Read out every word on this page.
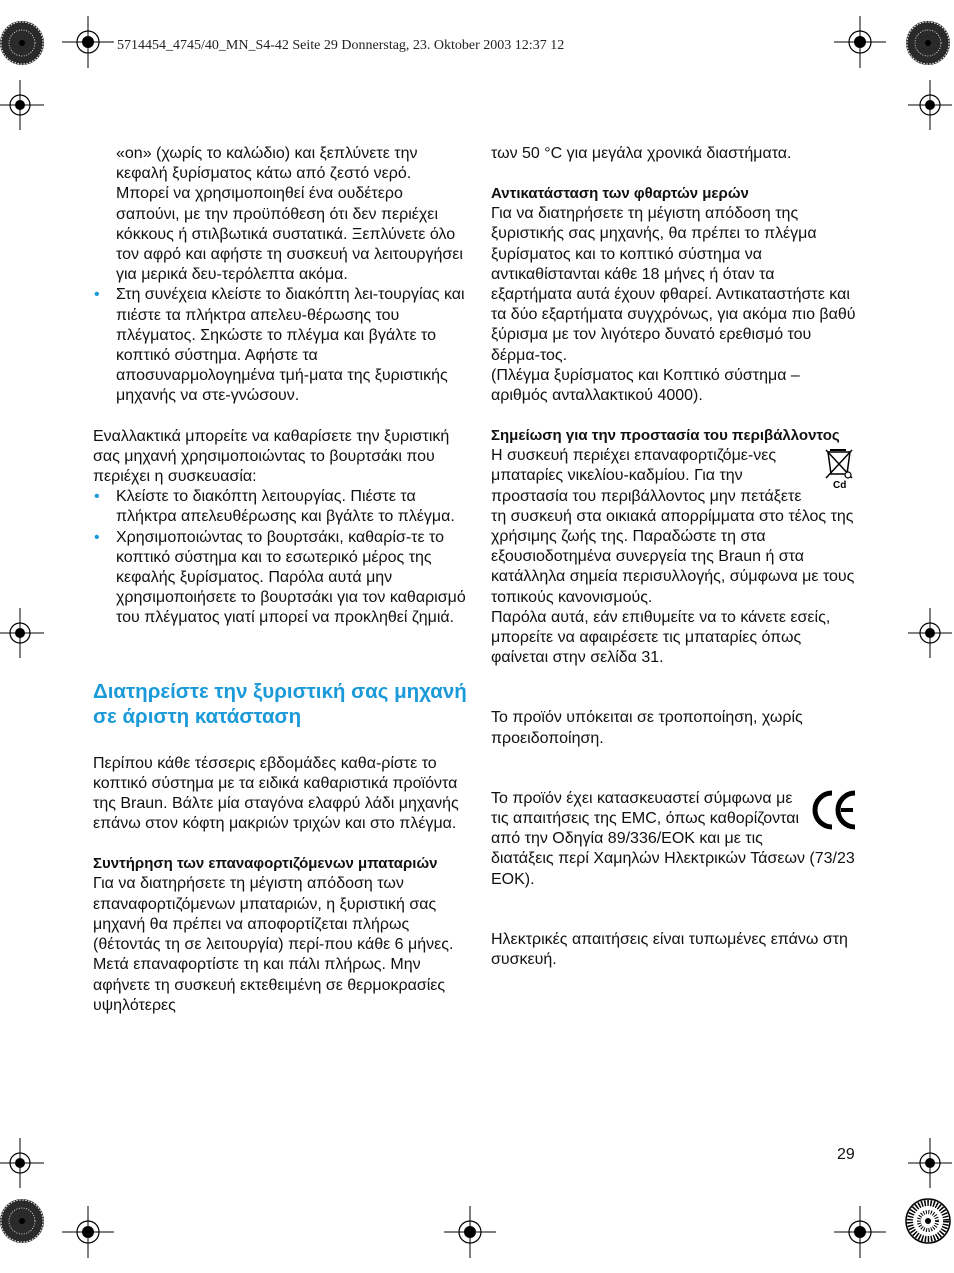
5714454_4745/40_MN_S4-42 Seite 29 Donnerstag, 23. Oktober 2003 12:37 12

«on» (χωρίς το καλώδιο) και ξεπλύνετε την κεφαλή ξυρίσματος κάτω από ζεστό νερό. Μπορεί να χρησιμοποιηθεί ένα ουδέτερο σαπούνι, με την προϋπόθεση ότι δεν περιέχει κόκκους ή στιλβωτικά συστατικά. Ξεπλύνετε όλο τον αφρό και αφήστε τη συσκευή να λειτουργήσει για μερικά δευ-τερόλεπτα ακόμα.

• Στη συνέχεια κλείστε το διακόπτη λει-τουργίας και πιέστε τα πλήκτρα απελευ-θέρωσης του πλέγματος. Σηκώστε το πλέγμα και βγάλτε το κοπτικό σύστημα. Αφήστε τα αποσυναρμολογημένα τμή-ματα της ξυριστικής μηχανής να στε-γνώσουν.

Εναλλακτικά μπορείτε να καθαρίσετε την ξυριστική σας μηχανή χρησιμοποιώντας το βουρτσάκι που περιέχει η συσκευασία:

• Κλείστε το διακόπτη λειτουργίας. Πιέστε τα πλήκτρα απελευθέρωσης και βγάλτε το πλέγμα.
• Χρησιμοποιώντας το βουρτσάκι, καθαρίσ-τε το κοπτικό σύστημα και το εσωτερικό μέρος της κεφαλής ξυρίσματος. Παρόλα αυτά μην χρησιμοποιήσετε το βουρτσάκι για τον καθαρισμό του πλέγματος γιατί μπορεί να προκληθεί ζημιά.
Διατηρείστε την ξυριστική σας μηχανή σε άριστη κατάσταση

Περίπου κάθε τέσσερις εβδομάδες καθα-ρίστε το κοπτικό σύστημα με τα ειδικά καθαριστικά προϊόντα της Braun. Βάλτε μία σταγόνα ελαφρύ λάδι μηχανής επάνω στον κόφτη μακριών τριχών και στο πλέγμα.

Συντήρηση των επαναφορτιζόμενων μπαταριών

Για να διατηρήσετε τη μέγιστη απόδοση των επαναφορτιζόμενων μπαταριών, η ξυριστική σας μηχανή θα πρέπει να αποφορτίζεται πλήρως (θέτοντάς τη σε λειτουργία) περί-που κάθε 6 μήνες. Μετά επαναφορτίστε τη και πάλι πλήρως. Μην αφήνετε τη συσκευή εκτεθειμένη σε θερμοκρασίες υψηλότερες

των 50 °C για μεγάλα χρονικά διαστήματα.

Αντικατάσταση των φθαρτών μερών

Για να διατηρήσετε τη μέγιστη απόδοση της ξυριστικής σας μηχανής, θα πρέπει το πλέγμα ξυρίσματος και το κοπτικό σύστημα να αντικαθίστανται κάθε 18 μήνες ή όταν τα εξαρτήματα αυτά έχουν φθαρεί. Αντικαταστήστε και τα δύο εξαρτήματα συγχρόνως, για ακόμα πιο βαθύ ξύρισμα με τον λιγότερο δυνατό ερεθισμό του δέρμα-τος.

(Πλέγμα ξυρίσματος και Κοπτικό σύστημα – αριθμός ανταλλακτικού 4000).

Σημείωση για την προστασία του περιβάλλοντος

Cd

Η συσκευή περιέχει επαναφορτιζόμε-νες μπαταρίες νικελίου-καδμίου. Για την προστασία του περιβάλλοντος μην πετάξετε τη συσκευή στα οικιακά απορρίμματα στο τέλος της χρήσιμης ζωής της. Παραδώστε τη στα εξουσιοδοτημένα συνεργεία της Braun ή στα κατάλληλα σημεία περισυλλογής, σύμφωνα με τους τοπικούς κανονισμούς.

Παρόλα αυτά, εάν επιθυμείτε να το κάνετε εσείς, μπορείτε να αφαιρέσετε τις μπαταρίες όπως φαίνεται στην σελίδα 31.

Το προϊόν υπόκειται σε τροποποίηση, χωρίς προειδοποίηση.

Το προϊόν έχει κατασκευαστεί σύμφωνα με τις απαιτήσεις της EMC, όπως καθορίζονται από την Οδηγία 89/336/ΕΟΚ και με τις διατάξεις περί Χαμηλών Ηλεκτρικών Τάσεων (73/23 ΕΟΚ).

Ηλεκτρικές απαιτήσεις είναι τυπωμένες επάνω στη συσκευή.

29
